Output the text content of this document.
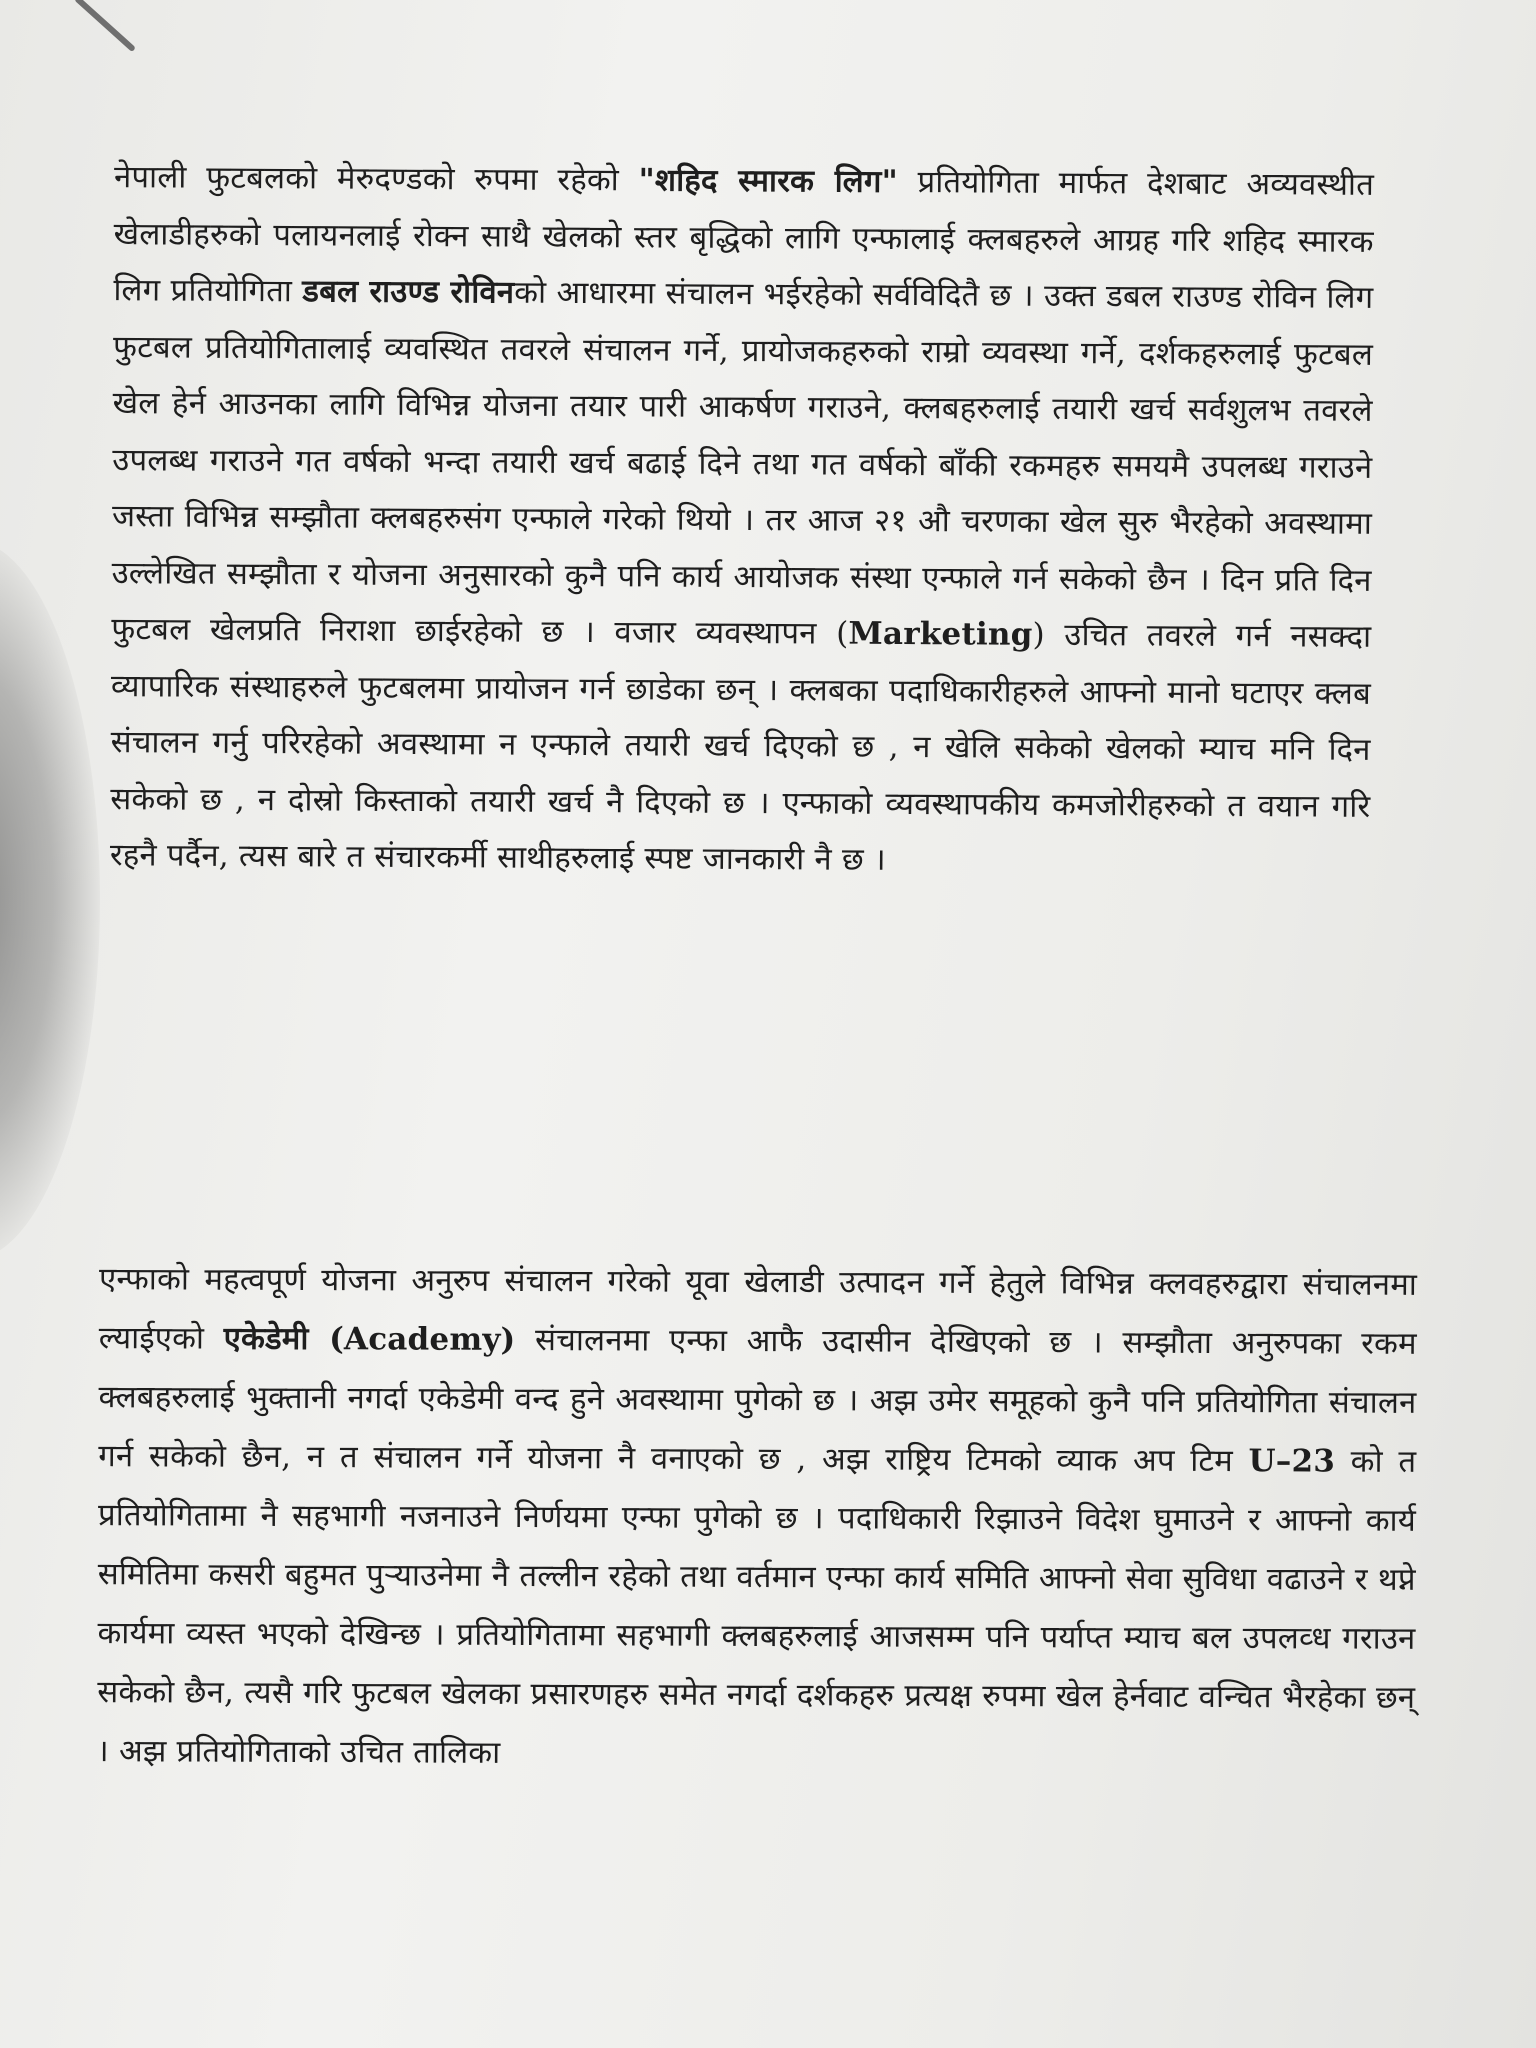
नेपाली फुटबलको मेरुदण्डको रुपमा रहेको "शहिद स्मारक लिग" प्रतियोगिता मार्फत देशबाट अव्यवस्थीत खेलाडीहरुको पलायनलाई रोक्न साथै खेलको स्तर बृद्धिको लागि एन्फालाई क्लबहरुले आग्रह गरि शहिद स्मारक लिग प्रतियोगिता डबल राउण्ड रोविनको आधारमा संचालन भईरहेको सर्वविदितै छ । उक्त डबल राउण्ड रोविन लिग फुटबल प्रतियोगितालाई व्यवस्थित तवरले संचालन गर्ने, प्रायोजकहरुको राम्रो व्यवस्था गर्ने, दर्शकहरुलाई फुटबल खेल हेर्न आउनका लागि विभिन्न योजना तयार पारी आकर्षण गराउने, क्लबहरुलाई तयारी खर्च सर्वशुलभ तवरले उपलब्ध गराउने गत वर्षको भन्दा तयारी खर्च बढाई दिने तथा गत वर्षको बाँकी रकमहरु समयमै उपलब्ध गराउने जस्ता विभिन्न सम्झौता क्लबहरुसंग एन्फाले गरेको थियो । तर आज २१ औ चरणका खेल सुरु भैरहेको अवस्थामा उल्लेखित सम्झौता र योजना अनुसारको कुनै पनि कार्य आयोजक संस्था एन्फाले गर्न सकेको छैन । दिन प्रति दिन फुटबल खेलप्रति निराशा छाईरहेको छ । वजार व्यवस्थापन (Marketing) उचित तवरले गर्न नसक्दा व्यापारिक संस्थाहरुले फुटबलमा प्रायोजन गर्न छाडेका छन् । क्लबका पदाधिकारीहरुले आफ्नो मानो घटाएर क्लब संचालन गर्नु परिरहेको अवस्थामा न एन्फाले तयारी खर्च दिएको छ , न खेलि सकेको खेलको म्याच मनि दिन सकेको छ , न दोस्रो किस्ताको तयारी खर्च नै दिएको छ । एन्फाको व्यवस्थापकीय कमजोरीहरुको त वयान गरि रहनै पर्दैन, त्यस बारे त संचारकर्मी साथीहरुलाई स्पष्ट जानकारी नै छ ।

एन्फाको महत्वपूर्ण योजना अनुरुप संचालन गरेको यूवा खेलाडी उत्पादन गर्ने हेतुले विभिन्न क्लवहरुद्वारा संचालनमा ल्याईएको एकेडेमी (Academy) संचालनमा एन्फा आफै उदासीन देखिएको छ । सम्झौता अनुरुपका रकम क्लबहरुलाई भुक्तानी नगर्दा एकेडेमी वन्द हुने अवस्थामा पुगेको छ । अझ उमेर समूहको कुनै पनि प्रतियोगिता संचालन गर्न सकेको छैन, न त संचालन गर्ने योजना नै वनाएको छ , अझ राष्ट्रिय टिमको व्याक अप टिम U–23 को त प्रतियोगितामा नै सहभागी नजनाउने निर्णयमा एन्फा पुगेको छ । पदाधिकारी रिझाउने विदेश घुमाउने र आफ्नो कार्य समितिमा कसरी बहुमत पुर्‍याउनेमा नै तल्लीन रहेको तथा वर्तमान एन्फा कार्य समिति आफ्नो सेवा सुविधा वढाउने र थप्ने कार्यमा व्यस्त भएको देखिन्छ । प्रतियोगितामा सहभागी क्लबहरुलाई आजसम्म पनि पर्याप्त म्याच बल उपलव्ध गराउन सकेको छैन, त्यसै गरि फुटबल खेलका प्रसारणहरु समेत नगर्दा दर्शकहरु प्रत्यक्ष रुपमा खेल हेर्नवाट वन्चित भैरहेका छन् । अझ प्रतियोगिताको उचित तालिका
